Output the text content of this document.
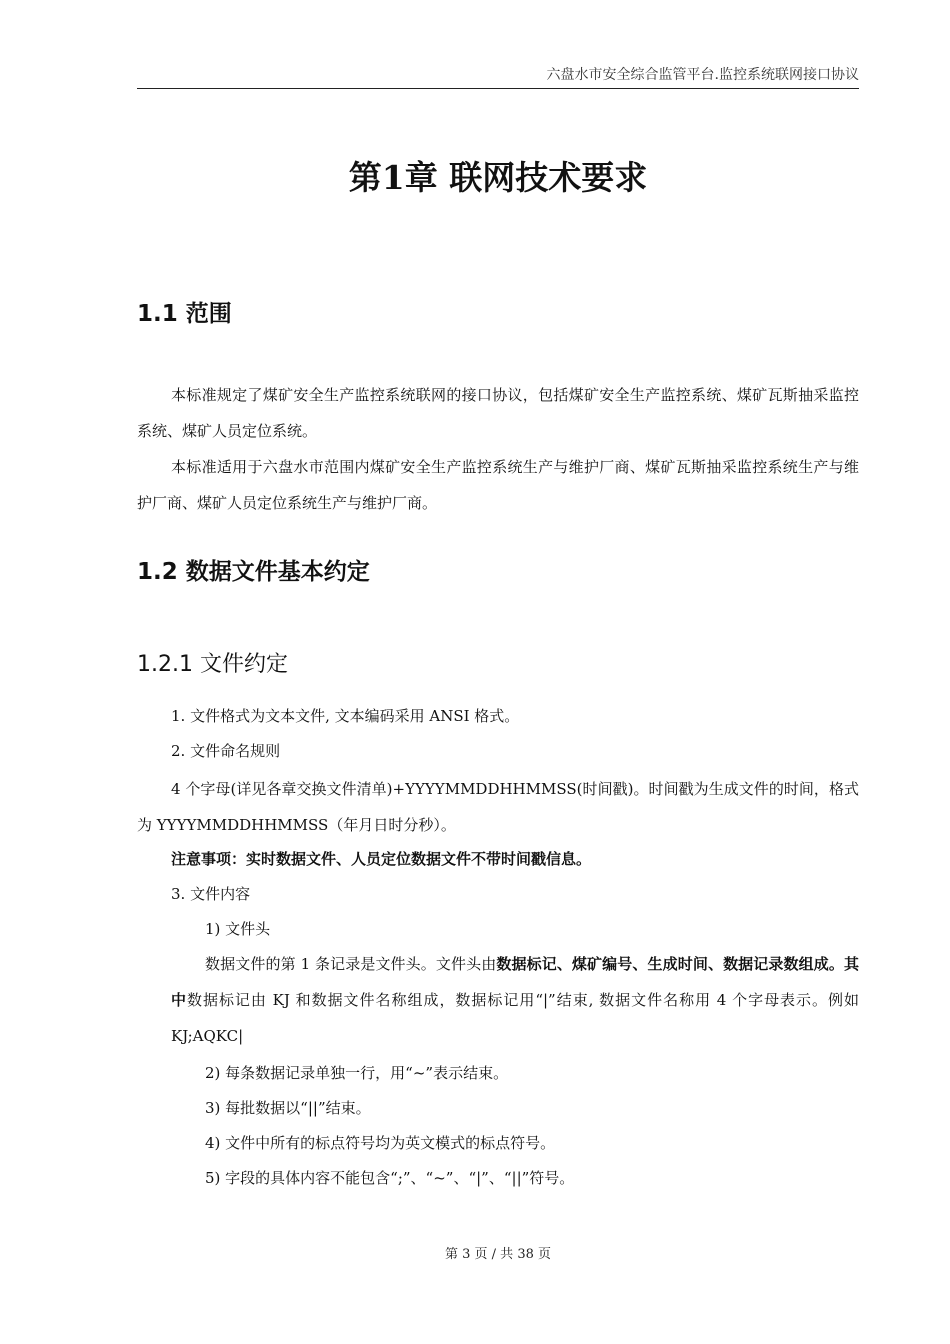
六盘水市安全综合监管平台.监控系统联网接口协议
第1章 联网技术要求
1.1 范围
本标准规定了煤矿安全生产监控系统联网的接口协议，包括煤矿安全生产监控系统、煤矿瓦斯抽采监控系统、煤矿人员定位系统。
本标准适用于六盘水市范围内煤矿安全生产监控系统生产与维护厂商、煤矿瓦斯抽采监控系统生产与维护厂商、煤矿人员定位系统生产与维护厂商。
1.2 数据文件基本约定
1.2.1 文件约定
1. 文件格式为文本文件, 文本编码采用 ANSI 格式。
2. 文件命名规则
4 个字母(详见各章交换文件清单)+YYYYMMDDHHMMSS(时间戳)。时间戳为生成文件的时间，格式为 YYYYMMDDHHMMSS（年月日时分秒）。
注意事项：实时数据文件、人员定位数据文件不带时间戳信息。
3. 文件内容
1) 文件头
数据文件的第 1 条记录是文件头。文件头由数据标记、煤矿编号、生成时间、数据记录数组成。其中数据标记由 KJ 和数据文件名称组成，数据标记用“|”结束, 数据文件名称用 4 个字母表示。例如 KJ;AQKC|
2) 每条数据记录单独一行，用“~”表示结束。
3) 每批数据以“||”结束。
4) 文件中所有的标点符号均为英文模式的标点符号。
5) 字段的具体内容不能包含“;”、“~”、“|”、“||”符号。
第 3 页 / 共 38 页
